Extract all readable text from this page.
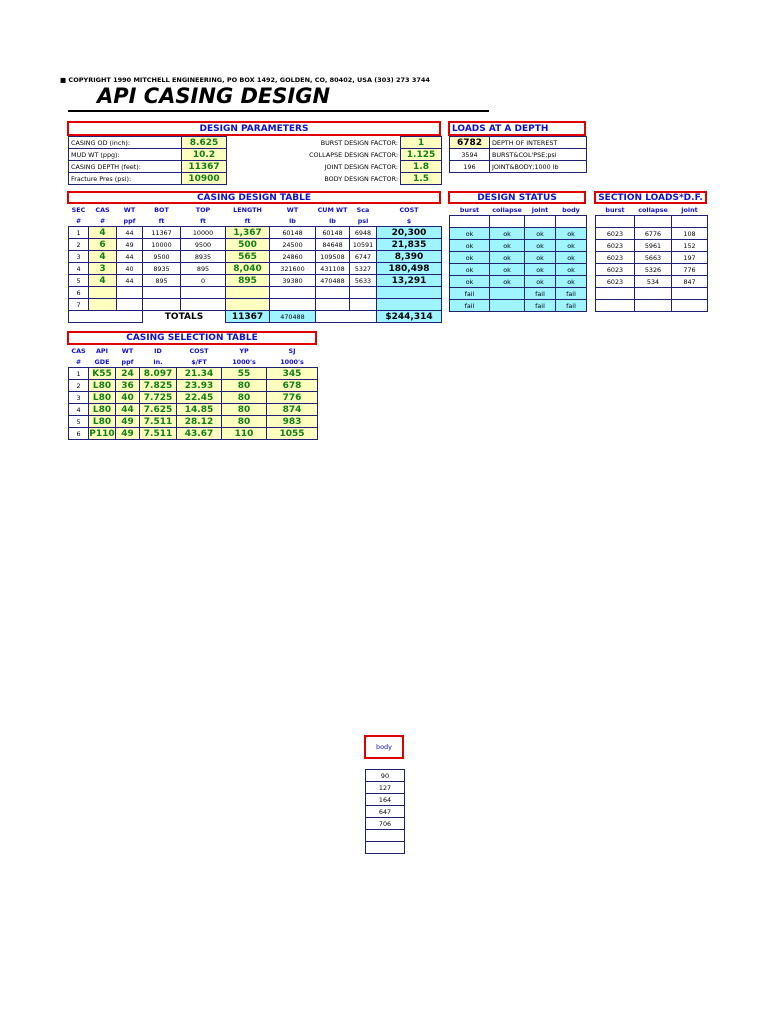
■ COPYRIGHT 1990 MITCHELL ENGINEERING, PO BOX 1492, GOLDEN, CO, 80402, USA (303) 273 3744
API CASING DESIGN
DESIGN PARAMETERS
CASING OD (inch):	8.625	BURST DESIGN FACTOR:	1
MUD WT (ppg):	10.2	COLLAPSE DESIGN FACTOR:	1.125
CASING DEPTH (feet):	11367	JOINT DESIGN FACTOR:	1.8
Fracture Pres (psi):	10900	BODY DESIGN FACTOR:	1.5
LOADS AT A DEPTH
6782	DEPTH OF INTEREST
3594	BURST&COL'PSE;psi
196	JOINT&BODY;1000 lb
CASING DESIGN TABLE
SEC	CAS	WT	BOT	TOP	LENGTH	WT	CUM WT	Sca	COST
#	#	ppf	ft	ft	ft	lb	lb	psi	$
1	4	44	11367	10000	1,367	60148	60148	6948	20,300
2	6	49	10000	9500	500	24500	84648	10591	21,835
3	4	44	9500	8935	565	24860	109508	6747	8,390
4	3	40	8935	895	8,040	321600	431108	5327	180,498
5	4	44	895	0	895	39380	470488	5633	13,291
6									
7									
			TOTALS		11367	470488			$244,314
DESIGN STATUS
burst	collapse	joint	body

ok	ok	ok	ok
ok	ok	ok	ok
ok	ok	ok	ok
ok	ok	ok	ok
ok	ok	ok	ok
fail		fail	fail
fail		fail	fail
SECTION LOADS*D.F.
burst	collapse	joint

6023	6776	108
6023	5961	152
6023	5663	197
6023	5326	776
6023	534	847

CASING SELECTION TABLE
CAS	API	WT	ID	COST	YP	SJ
#	GDE	ppf	in.	$/FT	1000's	1000's
1	K55	24	8.097	21.34	55	345
2	L80	36	7.825	23.93	80	678
3	L80	40	7.725	22.45	80	776
4	L80	44	7.625	14.85	80	874
5	L80	49	7.511	28.12	80	983
6	P110	49	7.511	43.67	110	1055
body
90
127
164
647
706
